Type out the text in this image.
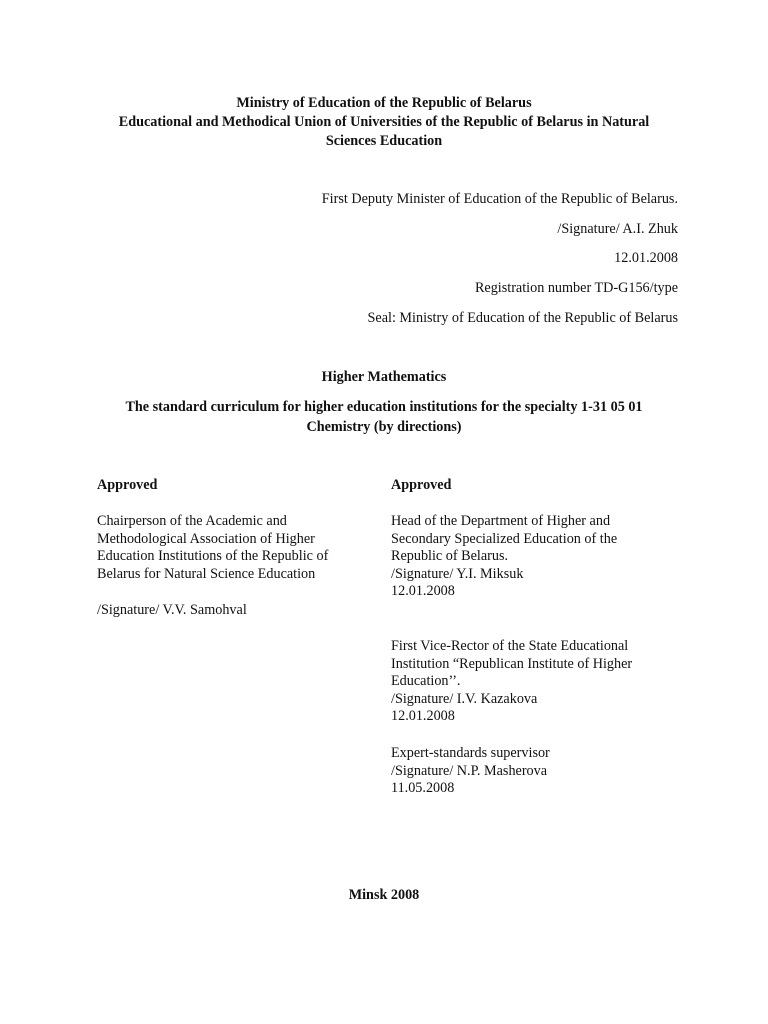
Ministry of Education of the Republic of Belarus
Educational and Methodical Union of Universities of the Republic of Belarus in Natural
Sciences Education
First Deputy Minister of Education of the Republic of Belarus.
/Signature/ A.I. Zhuk
12.01.2008
Registration number TD-G156/type
Seal: Ministry of Education of the Republic of Belarus
Higher Mathematics
The standard curriculum for higher education institutions for the specialty 1-31 05 01
Chemistry (by directions)
Approved
Chairperson of the Academic and
Methodological Association of Higher
Education Institutions of the Republic of
Belarus for Natural Science Education
/Signature/ V.V. Samohval
Approved
Head of the Department of Higher and
Secondary Specialized Education of the
Republic of Belarus.
/Signature/ Y.I. Miksuk
12.01.2008
First Vice-Rector of the State Educational
Institution “Republican Institute of Higher
Education’’.
/Signature/ I.V. Kazakova
12.01.2008
Expert-standards supervisor
/Signature/ N.P. Masherova
11.05.2008
Minsk 2008
